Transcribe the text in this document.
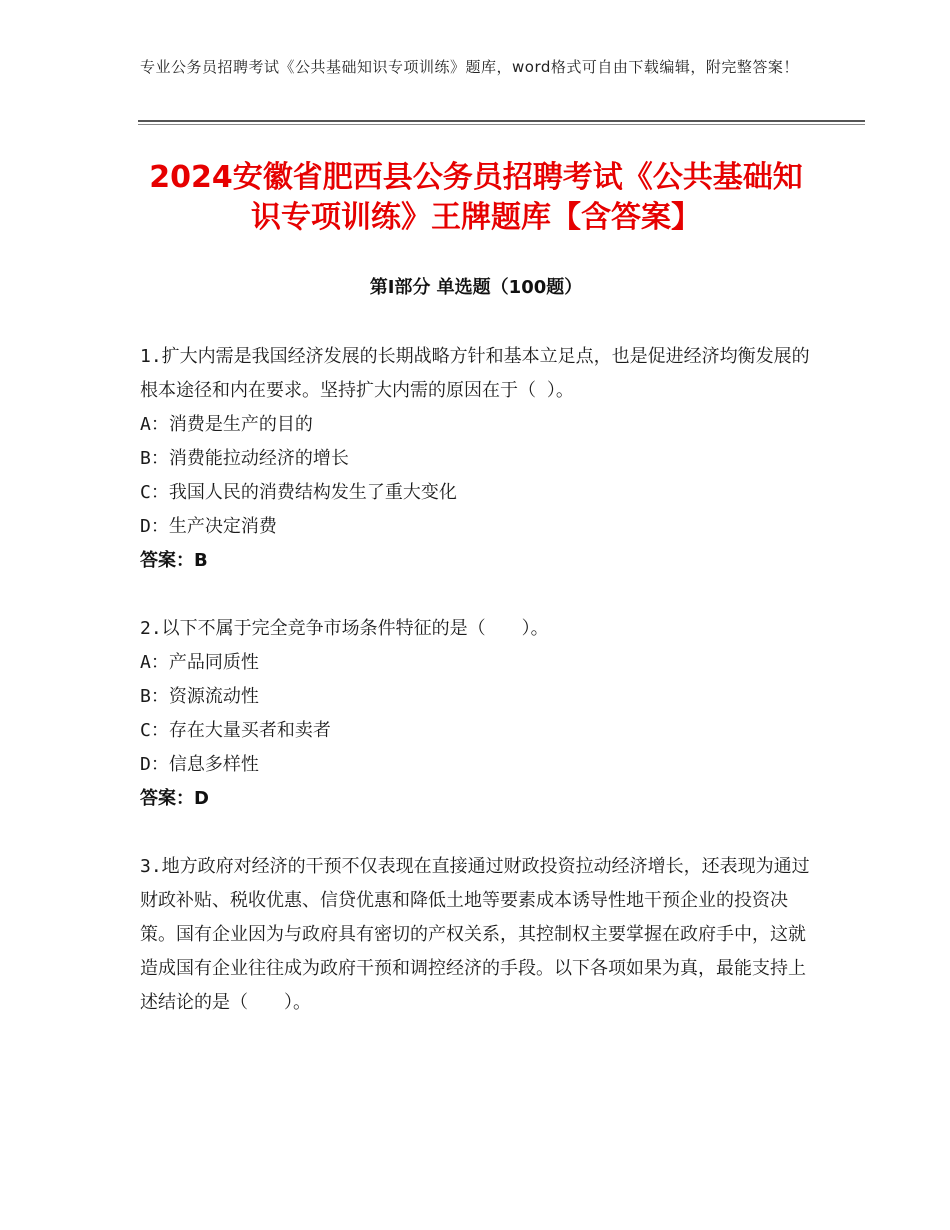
专业公务员招聘考试《公共基础知识专项训练》题库，word格式可自由下载编辑，附完整答案！
2024安徽省肥西县公务员招聘考试《公共基础知识专项训练》王牌题库【含答案】
第I部分 单选题（100题）
1.扩大内需是我国经济发展的长期战略方针和基本立足点，也是促进经济均衡发展的根本途径和内在要求。坚持扩大内需的原因在于（ ）。
A：消费是生产的目的
B：消费能拉动经济的增长
C：我国人民的消费结构发生了重大变化
D：生产决定消费
答案：B
2.以下不属于完全竞争市场条件特征的是（　　）。
A：产品同质性
B：资源流动性
C：存在大量买者和卖者
D：信息多样性
答案：D
3.地方政府对经济的干预不仅表现在直接通过财政投资拉动经济增长，还表现为通过财政补贴、税收优惠、信贷优惠和降低土地等要素成本诱导性地干预企业的投资决策。国有企业因为与政府具有密切的产权关系，其控制权主要掌握在政府手中，这就造成国有企业往往成为政府干预和调控经济的手段。以下各项如果为真，最能支持上述结论的是（　　）。
